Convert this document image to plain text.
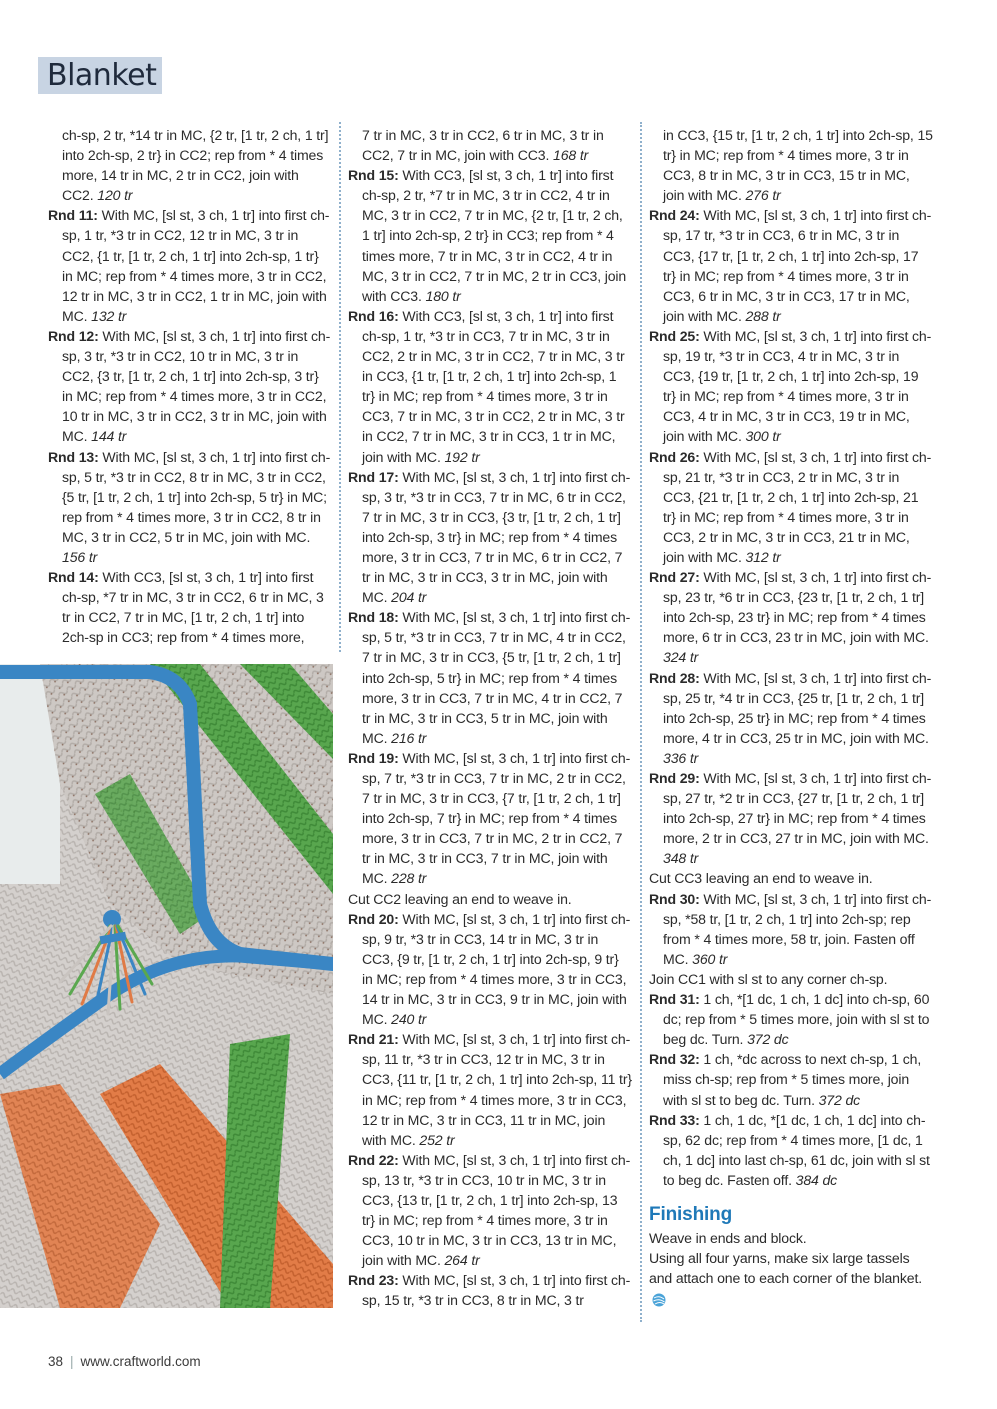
Blanket
ch-sp, 2 tr, *14 tr in MC, {2 tr, [1 tr, 2 ch, 1 tr] into 2ch-sp, 2 tr} in CC2; rep from * 4 times more, 14 tr in MC, 2 tr in CC2, join with CC2. 120 tr
Rnd 11: With MC, [sl st, 3 ch, 1 tr] into first ch-sp, 1 tr, *3 tr in CC2, 12 tr in MC, 3 tr in CC2, {1 tr, [1 tr, 2 ch, 1 tr] into 2ch-sp, 1 tr} in MC; rep from * 4 times more, 3 tr in CC2, 12 tr in MC, 3 tr in CC2, 1 tr in MC, join with MC. 132 tr
Rnd 12: With MC, [sl st, 3 ch, 1 tr] into first ch-sp, 3 tr, *3 tr in CC2, 10 tr in MC, 3 tr in CC2, {3 tr, [1 tr, 2 ch, 1 tr] into 2ch-sp, 3 tr} in MC; rep from * 4 times more, 3 tr in CC2, 10 tr in MC, 3 tr in CC2, 3 tr in MC, join with MC. 144 tr
Rnd 13: With MC, [sl st, 3 ch, 1 tr] into first ch-sp, 5 tr, *3 tr in CC2, 8 tr in MC, 3 tr in CC2, {5 tr, [1 tr, 2 ch, 1 tr] into 2ch-sp, 5 tr} in MC; rep from * 4 times more, 3 tr in CC2, 8 tr in MC, 3 tr in CC2, 5 tr in MC, join with MC. 156 tr
Rnd 14: With CC3, [sl st, 3 ch, 1 tr] into first ch-sp, *7 tr in MC, 3 tr in CC2, 6 tr in MC, 3 tr in CC2, 7 tr in MC, [1 tr, 2 ch, 1 tr] into 2ch-sp in CC3; rep from * 4 times more,
7 tr in MC, 3 tr in CC2, 6 tr in MC, 3 tr in CC2, 7 tr in MC, join with CC3. 168 tr
Rnd 15: With CC3, [sl st, 3 ch, 1 tr] into first ch-sp, 2 tr, *7 tr in MC, 3 tr in CC2, 4 tr in MC, 3 tr in CC2, 7 tr in MC, {2 tr, [1 tr, 2 ch, 1 tr] into 2ch-sp, 2 tr} in CC3; rep from * 4 times more, 7 tr in MC, 3 tr in CC2, 4 tr in MC, 3 tr in CC2, 7 tr in MC, 2 tr in CC3, join with CC3. 180 tr
Rnd 16: With CC3, [sl st, 3 ch, 1 tr] into first ch-sp, 1 tr, *3 tr in CC3, 7 tr in MC, 3 tr in CC2, 2 tr in MC, 3 tr in CC2, 7 tr in MC, 3 tr in CC3, {1 tr, [1 tr, 2 ch, 1 tr] into 2ch-sp, 1 tr} in MC; rep from * 4 times more, 3 tr in CC3, 7 tr in MC, 3 tr in CC2, 2 tr in MC, 3 tr in CC2, 7 tr in MC, 3 tr in CC3, 1 tr in MC, join with MC. 192 tr
Rnd 17: With MC, [sl st, 3 ch, 1 tr] into first ch-sp, 3 tr, *3 tr in CC3, 7 tr in MC, 6 tr in CC2, 7 tr in MC, 3 tr in CC3, {3 tr, [1 tr, 2 ch, 1 tr] into 2ch-sp, 3 tr} in MC; rep from * 4 times more, 3 tr in CC3, 7 tr in MC, 6 tr in CC2, 7 tr in MC, 3 tr in CC3, 3 tr in MC, join with MC. 204 tr
Rnd 18: With MC, [sl st, 3 ch, 1 tr] into first ch-sp, 5 tr, *3 tr in CC3, 7 tr in MC, 4 tr in CC2, 7 tr in MC, 3 tr in CC3, {5 tr, [1 tr, 2 ch, 1 tr] into 2ch-sp, 5 tr} in MC; rep from * 4 times more, 3 tr in CC3, 7 tr in MC, 4 tr in CC2, 7 tr in MC, 3 tr in CC3, 5 tr in MC, join with MC. 216 tr
Rnd 19: With MC, [sl st, 3 ch, 1 tr] into first ch-sp, 7 tr, *3 tr in CC3, 7 tr in MC, 2 tr in CC2, 7 tr in MC, 3 tr in CC3, {7 tr, [1 tr, 2 ch, 1 tr] into 2ch-sp, 7 tr} in MC; rep from * 4 times more, 3 tr in CC3, 7 tr in MC, 2 tr in CC2, 7 tr in MC, 3 tr in CC3, 7 tr in MC, join with MC. 228 tr
Cut CC2 leaving an end to weave in.
Rnd 20: With MC, [sl st, 3 ch, 1 tr] into first ch-sp, 9 tr, *3 tr in CC3, 14 tr in MC, 3 tr in CC3, {9 tr, [1 tr, 2 ch, 1 tr] into 2ch-sp, 9 tr} in MC; rep from * 4 times more, 3 tr in CC3, 14 tr in MC, 3 tr in CC3, 9 tr in MC, join with MC. 240 tr
Rnd 21: With MC, [sl st, 3 ch, 1 tr] into first ch-sp, 11 tr, *3 tr in CC3, 12 tr in MC, 3 tr in CC3, {11 tr, [1 tr, 2 ch, 1 tr] into 2ch-sp, 11 tr} in MC; rep from * 4 times more, 3 tr in CC3, 12 tr in MC, 3 tr in CC3, 11 tr in MC, join with MC. 252 tr
Rnd 22: With MC, [sl st, 3 ch, 1 tr] into first ch-sp, 13 tr, *3 tr in CC3, 10 tr in MC, 3 tr in CC3, {13 tr, [1 tr, 2 ch, 1 tr] into 2ch-sp, 13 tr} in MC; rep from * 4 times more, 3 tr in CC3, 10 tr in MC, 3 tr in CC3, 13 tr in MC, join with MC. 264 tr
Rnd 23: With MC, [sl st, 3 ch, 1 tr] into first ch-sp, 15 tr, *3 tr in CC3, 8 tr in MC, 3 tr
in CC3, {15 tr, [1 tr, 2 ch, 1 tr] into 2ch-sp, 15 tr} in MC; rep from * 4 times more, 3 tr in CC3, 8 tr in MC, 3 tr in CC3, 15 tr in MC, join with MC. 276 tr
Rnd 24: With MC, [sl st, 3 ch, 1 tr] into first ch-sp, 17 tr, *3 tr in CC3, 6 tr in MC, 3 tr in CC3, {17 tr, [1 tr, 2 ch, 1 tr] into 2ch-sp, 17 tr} in MC; rep from * 4 times more, 3 tr in CC3, 6 tr in MC, 3 tr in CC3, 17 tr in MC, join with MC. 288 tr
Rnd 25: With MC, [sl st, 3 ch, 1 tr] into first ch-sp, 19 tr, *3 tr in CC3, 4 tr in MC, 3 tr in CC3, {19 tr, [1 tr, 2 ch, 1 tr] into 2ch-sp, 19 tr} in MC; rep from * 4 times more, 3 tr in CC3, 4 tr in MC, 3 tr in CC3, 19 tr in MC, join with MC. 300 tr
Rnd 26: With MC, [sl st, 3 ch, 1 tr] into first ch-sp, 21 tr, *3 tr in CC3, 2 tr in MC, 3 tr in CC3, {21 tr, [1 tr, 2 ch, 1 tr] into 2ch-sp, 21 tr} in MC; rep from * 4 times more, 3 tr in CC3, 2 tr in MC, 3 tr in CC3, 21 tr in MC, join with MC. 312 tr
Rnd 27: With MC, [sl st, 3 ch, 1 tr] into first ch-sp, 23 tr, *6 tr in CC3, {23 tr, [1 tr, 2 ch, 1 tr] into 2ch-sp, 23 tr} in MC; rep from * 4 times more, 6 tr in CC3, 23 tr in MC, join with MC. 324 tr
Rnd 28: With MC, [sl st, 3 ch, 1 tr] into first ch-sp, 25 tr, *4 tr in CC3, {25 tr, [1 tr, 2 ch, 1 tr] into 2ch-sp, 25 tr} in MC; rep from * 4 times more, 4 tr in CC3, 25 tr in MC, join with MC. 336 tr
Rnd 29: With MC, [sl st, 3 ch, 1 tr] into first ch-sp, 27 tr, *2 tr in CC3, {27 tr, [1 tr, 2 ch, 1 tr] into 2ch-sp, 27 tr} in MC; rep from * 4 times more, 2 tr in CC3, 27 tr in MC, join with MC. 348 tr
Cut CC3 leaving an end to weave in.
Rnd 30: With MC, [sl st, 3 ch, 1 tr] into first ch-sp, *58 tr, [1 tr, 2 ch, 1 tr] into 2ch-sp; rep from * 4 times more, 58 tr, join. Fasten off MC. 360 tr
Join CC1 with sl st to any corner ch-sp.
Rnd 31: 1 ch, *[1 dc, 1 ch, 1 dc] into ch-sp, 60 dc; rep from * 5 times more, join with sl st to beg dc. Turn. 372 dc
Rnd 32: 1 ch, *dc across to next ch-sp, 1 ch, miss ch-sp; rep from * 5 times more, join with sl st to beg dc. Turn. 372 dc
Rnd 33: 1 ch, 1 dc, *[1 dc, 1 ch, 1 dc] into ch-sp, 62 dc; rep from * 4 times more, [1 dc, 1 ch, 1 dc] into last ch-sp, 61 dc, join with sl st to beg dc. Fasten off. 384 dc
Finishing
Weave in ends and block.
Using all four yarns, make six large tassels and attach one to each corner of the blanket.
38 | www.craftworld.com
